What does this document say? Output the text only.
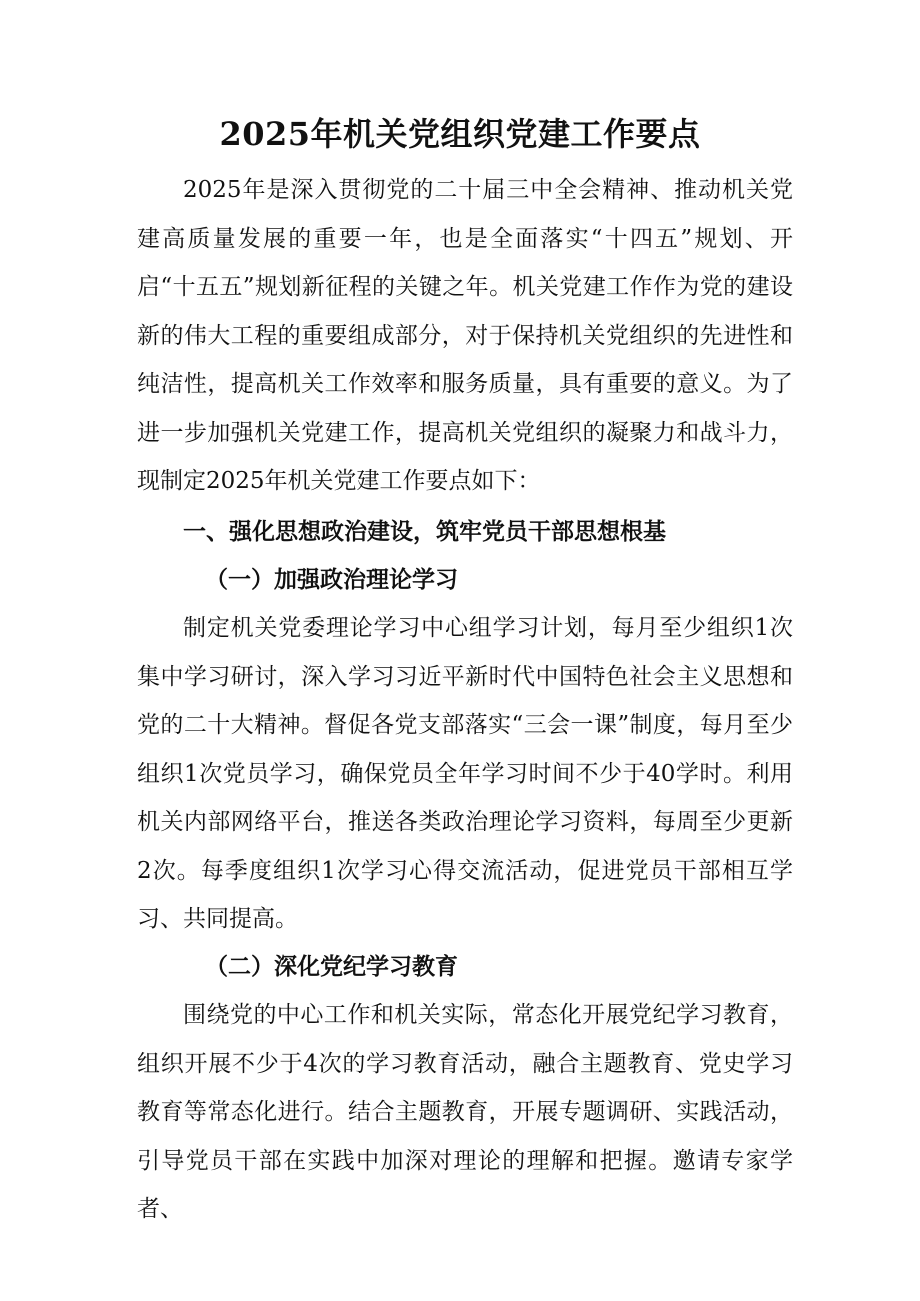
2025年机关党组织党建工作要点
2025年是深入贯彻党的二十届三中全会精神、推动机关党建高质量发展的重要一年，也是全面落实“十四五”规划、开启“十五五”规划新征程的关键之年。机关党建工作作为党的建设新的伟大工程的重要组成部分，对于保持机关党组织的先进性和纯洁性，提高机关工作效率和服务质量，具有重要的意义。为了进一步加强机关党建工作，提高机关党组织的凝聚力和战斗力，现制定2025年机关党建工作要点如下：
一、强化思想政治建设，筑牢党员干部思想根基
（一）加强政治理论学习
制定机关党委理论学习中心组学习计划，每月至少组织1次集中学习研讨，深入学习习近平新时代中国特色社会主义思想和党的二十大精神。督促各党支部落实“三会一课”制度，每月至少组织1次党员学习，确保党员全年学习时间不少于40学时。利用机关内部网络平台，推送各类政治理论学习资料，每周至少更新2次。每季度组织1次学习心得交流活动，促进党员干部相互学习、共同提高。
（二）深化党纪学习教育
围绕党的中心工作和机关实际，常态化开展党纪学习教育，组织开展不少于4次的学习教育活动，融合主题教育、党史学习教育等常态化进行。结合主题教育，开展专题调研、实践活动，引导党员干部在实践中加深对理论的理解和把握。邀请专家学者、
